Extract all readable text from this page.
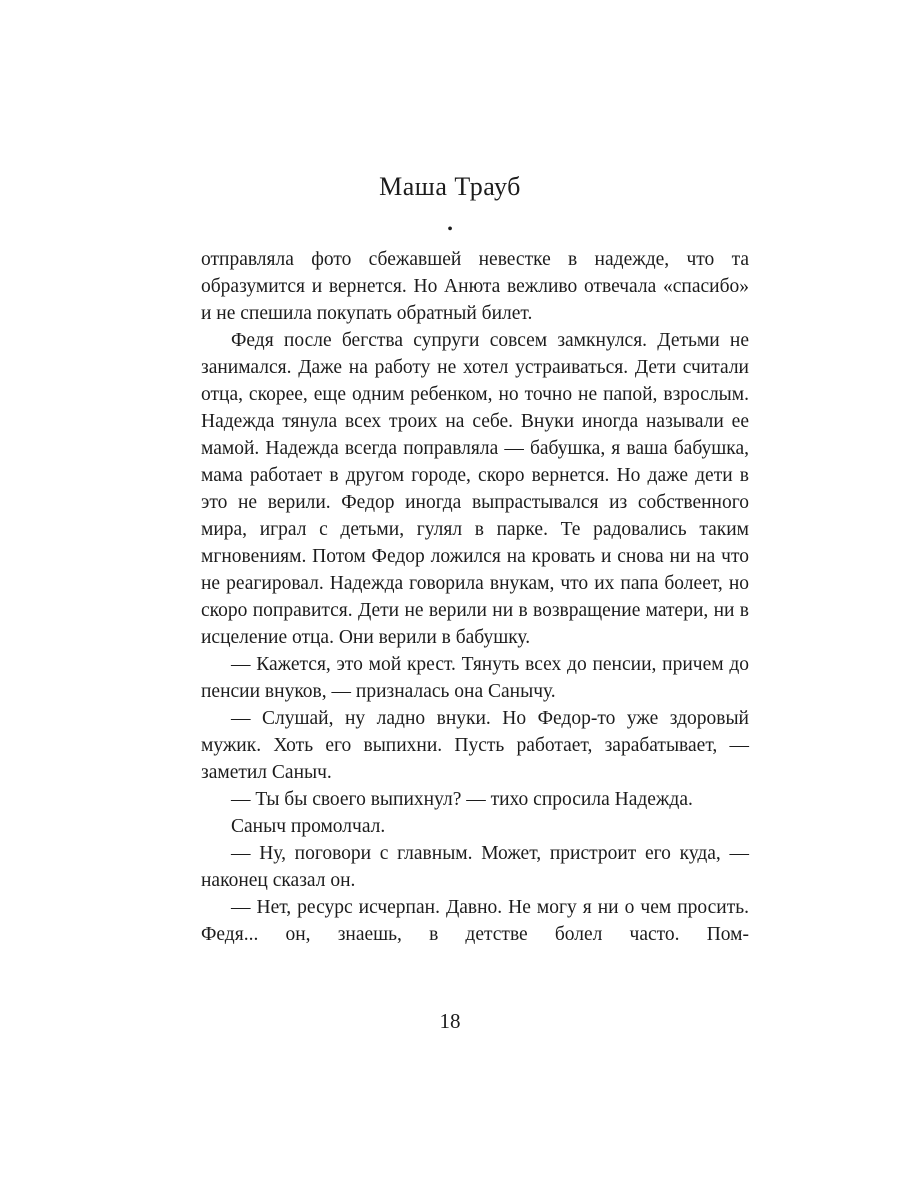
Маша Трауб
•

отправляла фото сбежавшей невестке в надежде, что та образумится и вернется. Но Анюта вежливо отвечала «спасибо» и не спешила покупать обратный билет.

Федя после бегства супруги совсем замкнулся. Детьми не занимался. Даже на работу не хотел устраиваться. Дети считали отца, скорее, еще одним ребенком, но точно не папой, взрослым. Надежда тянула всех троих на себе. Внуки иногда называли ее мамой. Надежда всегда поправляла — бабушка, я ваша бабушка, мама работает в другом городе, скоро вернется. Но даже дети в это не верили. Федор иногда выпрастывался из собственного мира, играл с детьми, гулял в парке. Те радовались таким мгновениям. Потом Федор ложился на кровать и снова ни на что не реагировал. Надежда говорила внукам, что их папа болеет, но скоро поправится. Дети не верили ни в возвращение матери, ни в исцеление отца. Они верили в бабушку.

— Кажется, это мой крест. Тянуть всех до пенсии, причем до пенсии внуков, — призналась она Санычу.

— Слушай, ну ладно внуки. Но Федор-то уже здоровый мужик. Хоть его выпихни. Пусть работает, зарабатывает, — заметил Саныч.

— Ты бы своего выпихнул? — тихо спросила Надежда.

Саныч промолчал.

— Ну, поговори с главным. Может, пристроит его куда, — наконец сказал он.

— Нет, ресурс исчерпан. Давно. Не могу я ни о чем просить. Федя... он, знаешь, в детстве болел часто. Пом-

18
